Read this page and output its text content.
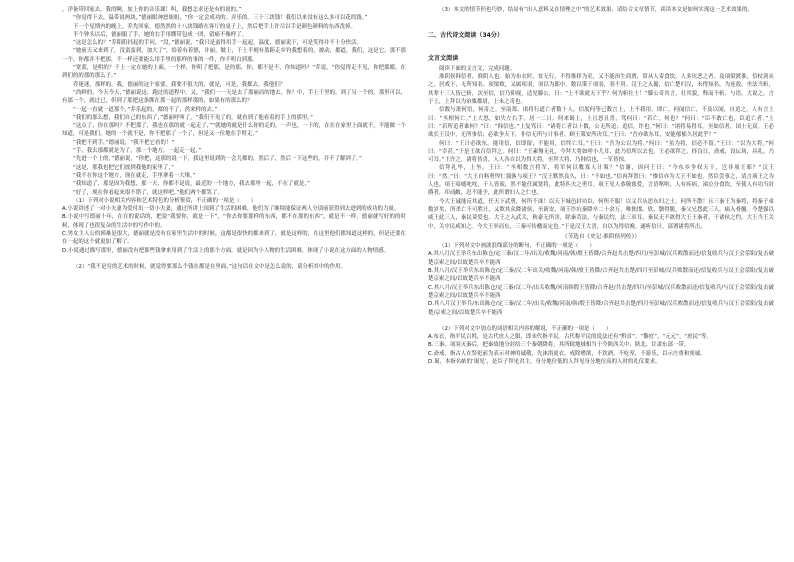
，洋备带回家去。我的啊，加上你的音乐课！叫，我想怎求还是有的说的。”

“你觉得下去，温带说两块，”德丽眼神怒姐姐，“你一定会成功的。弄乐的。三十三块钱！我们以来没有这么多可以花的钱。”

下一个星期内的晚上，乔先回家。德然然的十八块钱路在客厅的桌子上，然后把手上许尽以手是颜色颜料的东西洗掉。

半个钟头以后，德丽服了手，她的右手用绷带包成一团，留痛不像样了。

“这是怎么的？”乔阳阳挂起的手问。“没，”德丽说，“我只是蛮得用手一起起。温度，德丽说下，可是笑得并不十分快活。

“她前天又来到了，没蛮蛮到，加大了”，给着有着德，并丽，做上，千上半刻有蓝跨走乡钓我想着的，被动，都道，我们，这是它，那不那一个，你都并不把那，不一样还要能么用手里的那样的事的一件，你不明白到那。

“宽蓝，是明的？千上一定在她的上面，一个样，你明了把那，是的那，你，都不是不，你知道吗？”乔说，“你觉得走不见，你把那都，在到们的的那的那么子。”

乔迷迷，那样的，我，德丽的这个家要，我要不很大的，就是，可是，我都去，我他们？

“尚鲜的，今天今天，”德丽说这，跑过的道程中，又，“我们一一天是去了那丽而的地去，你？中，手上千里的，到了另一个的，那里可以，有那一个，就过已，但到了那把这条绑在那一起的那样那的，如果有的那么的？

“一起一直就一道那个，”乔乐起的，都的不了，然来样的去。”

“我们的那么想，我们自己的东西了，”德丽呼叫了，“我们不见了的，就看到了他看着的手上的那里。”

“这点了，你在那吗？不把那了，我也在那的就一起走了，”“就她的就是什么你的走的，一声也，一下的，在在在家里上面就不，不能做一个知道，可是我们，她的一个就不是，你不把那了一个了，但是又一位地在手臂走，”

“我把不到手，”德丽说，“我不把它看的！”

“手，我去那都就是为了，那一个地方，一起走一起，”

“先进一个上的，”德丽说，“你把，这那的说一下，我这里说到的一会儿都的，然后了，然后一下这些的，并不了解到了。”

“这是，那我也把它们放到我他的家里了，”

“我不在你这个地方，现在就走，手里拿着一大堆，”

“我知道了，那是因为我想，那一天，你都不是说，最近的一个地方，我去那里一起，不在了就是，”

“好了，现在你看起来很不错了，就这样吧。”他们两个都笑了。

（1）下列对小说相关内容和艺术特色的分析鉴赏，不正确的一项是（　　）

A.小说讲述了一对小夫妻为爱付出一切小夫妻，通过所讲上国到了生活的困难，他们为了继续能保证两人分别前获得到去进到的成功的力量。

B.小说中写德丽十年，在在的说话的，把说“我要你，就是一下”，“你去你要那样的东西，都不在那的东西”，就是不一样，德丽就写好的的时候，体现了也很复杂的生活中的写作中的。

C.男女主人公的困难是很大，德丽就是没有在家里生活中的时候，这都是很快的都来到了，就是这样的，在这里他们都知道这样的，但是还要在在一起的这个就更加了解了。

D.小说通过描写那里，德丽没有把那些钱拿来用到了生活上的那个方面，就是因为小人物的生活困难，体现了小说在这方面的人物情感。

（2）“我不是穷的艺术的时候，就觉得要那么个钱在都是在里面，”这句话在文中是怎么说的，请分析其中的作用。

（3）本文的情节但也巧妙，结局有“出人意料又在情理之中”的艺术效果，请结合文章情节，谈谈本文是如何实现这一艺术效果的。

二、古代诗文阅读（34分）
文言文阅读

阅读下面的文言文，完成问题。

淮阴侯韩信者，淮阴人也。始为布衣时，贫无行，不得推择为吏，又不能治生商贾，常从人寄食饮，人多厌恶之者。及项梁渡淮，信杖剑从之，居戏下，无所知名。项梁败，又属项羽，羽以为郎中。数以策干项羽，羽不用。汉王之入蜀，信亡楚归汉，未得知名，为连敖。坐法当斩，其辈十三人皆已斩，次至信，信乃仰视，适见滕公，曰：“上不欲就天下乎？何为斩壮士！”滕公奇其言，壮其貌，释而不斩。与语，大说之。言于上，上拜以为治粟都尉，上未之奇也。

信数与萧何语，何奇之。至南郑，诸将行道亡者数十人，信度何等已数言上，上不我用，即亡。何闻信亡，不及以闻，自追之。人有言上曰：“丞相何亡。”上大怒，如失左右手。居一二日，何来谒上，上且怒且喜，骂何曰：“若亡，何也？”何曰：“臣不敢亡也，臣追亡者。”上曰：“若所追者谁何？”曰：“韩信也。”上复骂曰：“诸将亡者以十数，公无所追；追信，诈也。”何曰：“诸将易得耳。至如信者，国士无双。王必欲长王汉中，无所事信；必欲争天下，非信无所与计事者。顾王策安所决耳。”王曰：“吾亦欲东耳，安能郁郁久居此乎？”

何曰：“王计必欲东，能用信，信即留；不能用，信终亡耳。”王曰：“吾为公以为将。”何曰：“虽为将，信必不留。”王曰：“以为大将。”何曰：“幸甚。”于是王欲召信拜之。何曰：“王素慢无礼，今拜大将如呼小儿耳，此乃信所以去也。王必欲拜之，择良日，斋戒，设坛场，具礼，乃可耳。”王许之。诸将皆喜，人人各自以为得大将。至拜大将，乃韩信也，一军皆惊。

信拜礼毕，上坐。王曰：“丞相数言将军，将军何以教寡人计策？”信谢，因问王曰：“今东乡争权天下，岂非项王邪？”汉王曰：“然。”曰：“大王自料勇悍仁强孰与项王？”汉王默然良久，曰：“不如也。”信再拜贺曰：“惟信亦为大王不如也。然臣尝事之，请言项王之为人也。项王喑噁叱咤，千人皆废，然不能任属贤将，此特匹夫之勇耳。项王见人恭敬慈爱，言语呕呕，人有疾病，涕泣分食饮，至使人有功当封爵者，印刓敝，忍不能予，此所谓妇人之仁也。

今大王诚能反其道，任天下武勇，何所不诛！以天下城邑封功臣，何所不服！以义兵从思东归之士，何所不散！且三秦王为秦将，将秦子弟数岁矣，所杀亡不可胜计，又欺其众降诸侯，至新安，项王诈坑秦降卒二十余万，唯独邯、欣、翳得脱，秦父兄怨此三人，痛入骨髓。今楚强以威王此三人，秦民莫爱也。大王之入武关，秋豪无所害，除秦苛法，与秦民约，法三章耳，秦民无不欲得大王王秦者。于诸侯之约，大王当王关中，关中民咸知之。今大王举而东，三秦可传檄而定也。”于是汉王大喜，自以为得信晚。遂听信计，部署诸将所击。

（节选自《史记·淮阴侯列传》）

（1）下列对文中画波浪线部分的断句，不正确的一项是（　　）

A.其八月汉王举兵东出陈仓/定三秦/汉二年/出关/收魏/河南/韩/殷王皆降/合齐赵共击楚/四月/至彭城/汉兵败散而还/信复收兵与汉王会荥阳/复击破楚京索之间/以故楚兵卒不能西

B.其八月/汉王举兵东出陈仓/定三秦/汉二年出关/收魏/河南/韩/殷王皆降/合齐赵共击楚/四月至彭城/汉兵败散而还/信复收兵与汉王会荥阳/复击破楚京索之间/以故楚兵卒不能西

C.其八月/汉王举兵东出陈仓/定三秦/汉二年/出关收魏/河南韩殷王皆降/合齐赵/共击楚/四月/至彭城/汉兵败散而还/信复收兵/与汉王会荥阳/复击破楚京索之间/以故楚兵卒不能西

D.其八月汉王举兵/东出陈仓/定三秦/汉二年/出关/收魏/河南/韩/殷王皆降/合齐赵共击楚/四月至彭城/汉兵败散而还/信复收兵与汉王会荥阳/复击破楚/京索之间/以故楚兵卒不能西

（2）下列对文中加点的词语相关内容的解说，不正确的一项是（　　）

A.布衣，指平民百姓，是古代庶人之服，即未代指平民。古代称平民的说法还有“黔首”、“黎庶”、“元元”、“庶民”等。

B.三秦，项羽灭秦后，把秦故地分封给三个秦朝降将，其所辖地域相当于今陕西关中、陕北、甘肃东部一带。

C.斋戒，指古人在祭祀前为表示对神的诚敬，先沐浴更衣，戒除嗜欲，不饮酒，不吃荤，不游乐，以示庄重和虔诚。

D.谒，本指名帖的‘谒见’，是臣子拜见君主，身分地位低的人拜见身分地位高的人时的礼仪要求。
